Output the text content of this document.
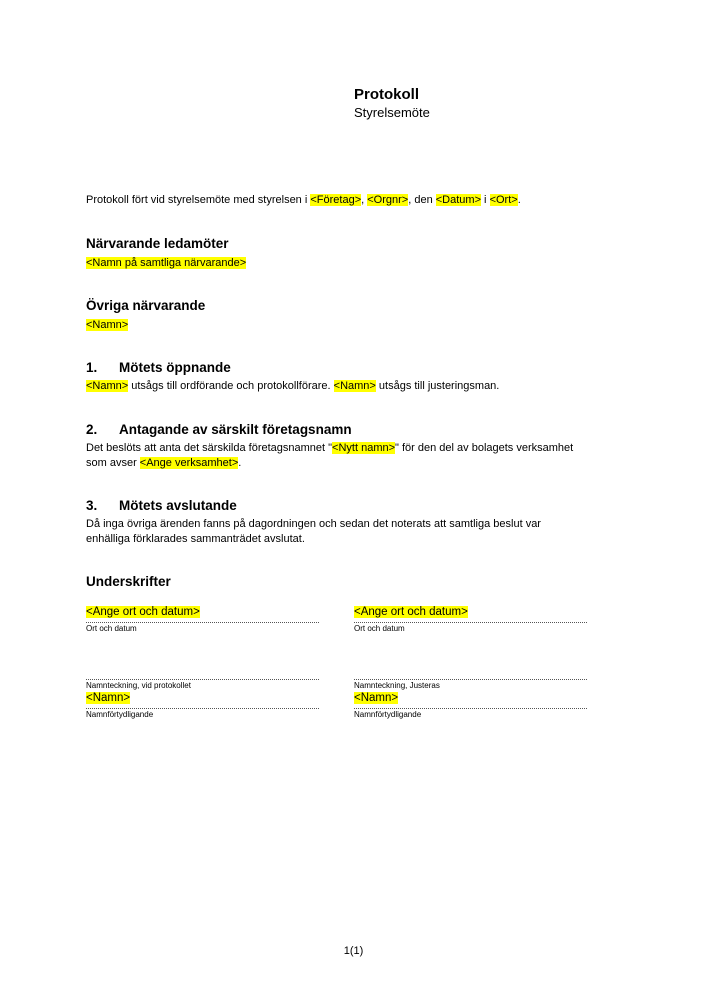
Protokoll
Styrelsemöte
Protokoll fört vid styrelsemöte med styrelsen i <Företag>, <Orgnr>, den <Datum> i <Ort>.
Närvarande ledamöter
<Namn på samtliga närvarande>
Övriga närvarande
<Namn>
1. Mötets öppnande
<Namn> utsågs till ordförande och protokollförare. <Namn> utsågs till justeringsman.
2. Antagande av särskilt företagsnamn
Det beslöts att anta det särskilda företagsnamnet "<Nytt namn>" för den del av bolagets verksamhet
som avser <Ange verksamhet>.
3. Mötets avslutande
Då inga övriga ärenden fanns på dagordningen och sedan det noterats att samtliga beslut var
enhälliga förklarades sammanträdet avslutat.
Underskrifter
<Ange ort och datum>
Ort och datum
Namnteckning, vid protokollet
<Namn>
Namnförtydligande
<Ange ort och datum>
Ort och datum
Namnteckning, Justeras
<Namn>
Namnförtydligande
1(1)
